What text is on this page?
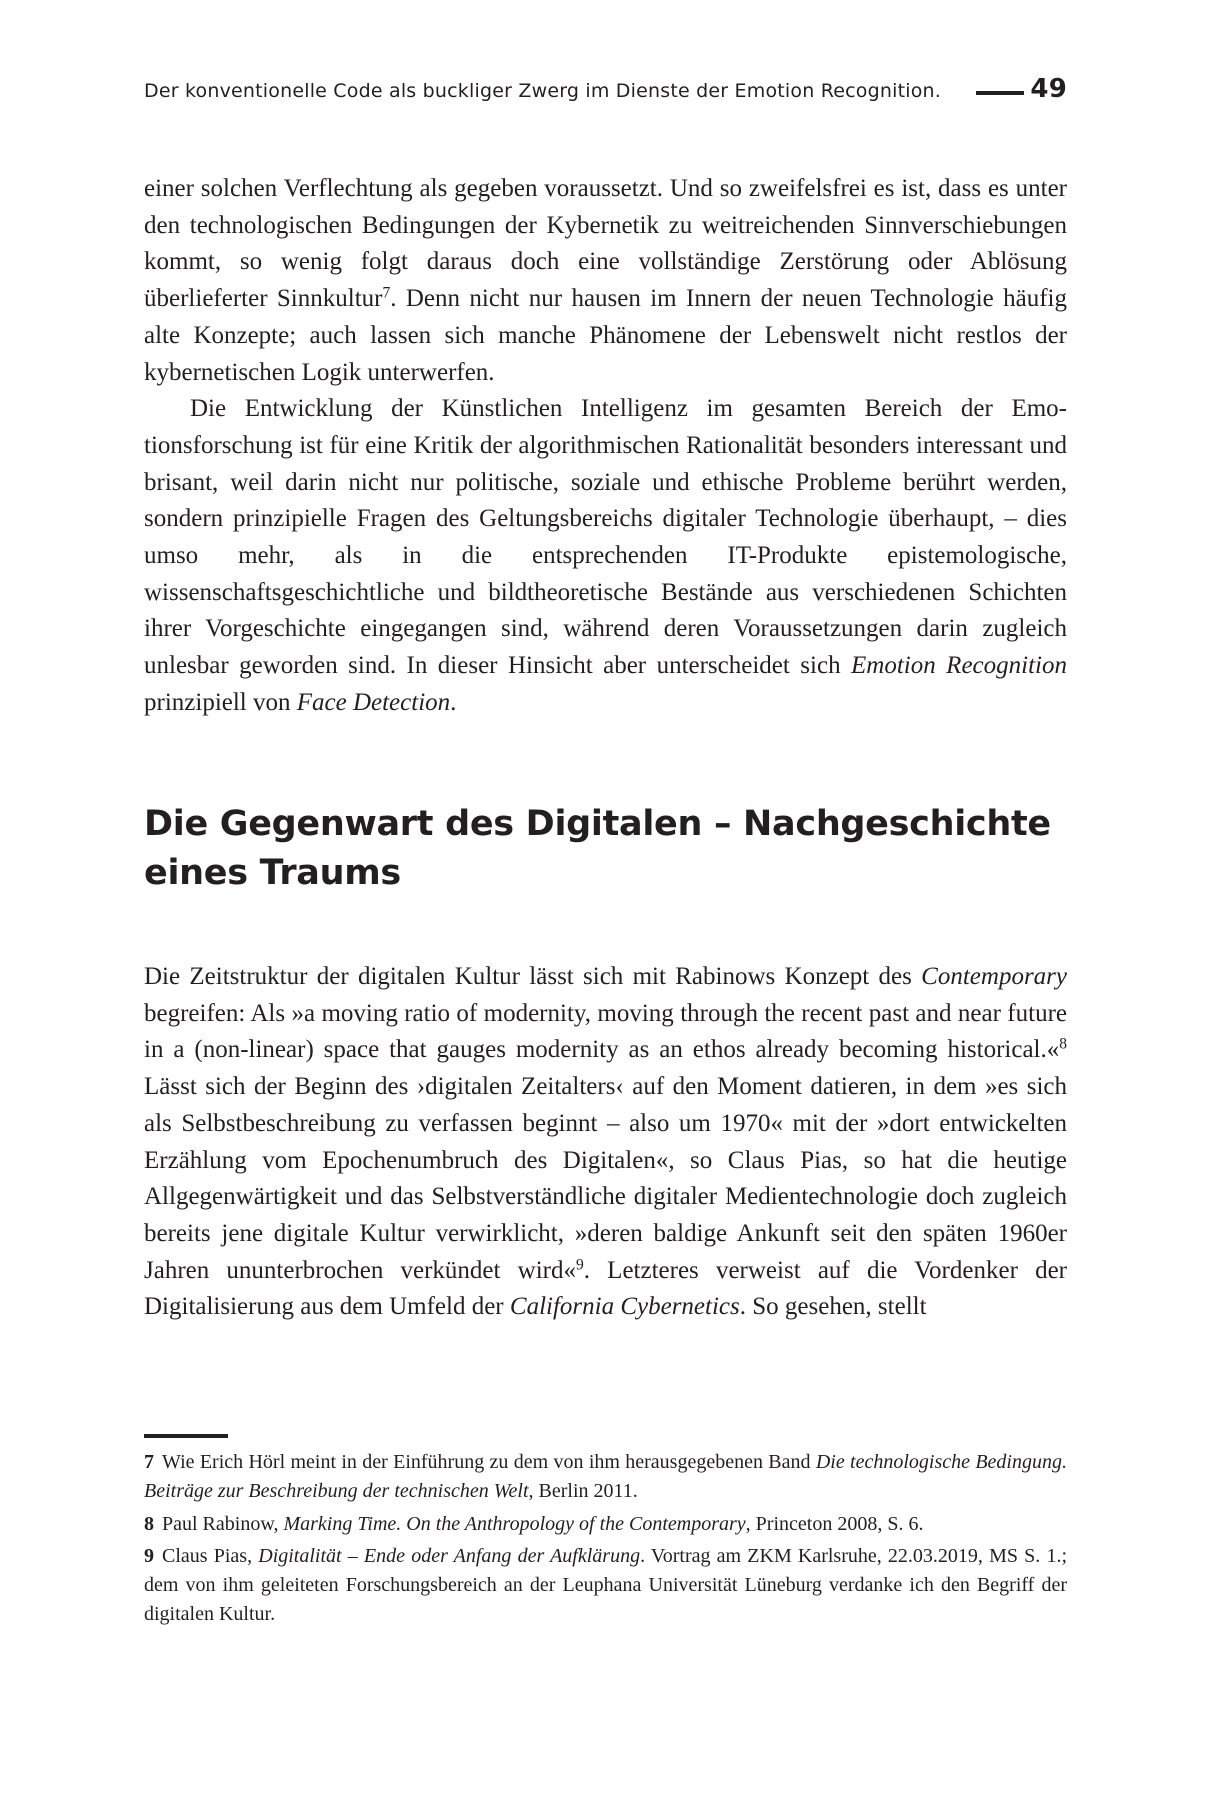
Der konventionelle Code als buckliger Zwerg im Dienste der Emotion Recognition.	49

einer solchen Verflechtung als gegeben voraussetzt. Und so zweifelsfrei es ist, dass es unter den technologischen Bedingungen der Kybernetik zu weitreichenden Sinnverschiebungen kommt, so wenig folgt daraus doch eine vollständige Zerstörung oder Ablösung überlieferter Sinnkultur$^7$. Denn nicht nur hausen im Innern der neuen Technologie häufig alte Konzepte; auch lassen sich manche Phänomene der Lebenswelt nicht restlos der kybernetischen Logik unterwerfen.

Die Entwicklung der Künstlichen Intelligenz im gesamten Bereich der Emotionsforschung ist für eine Kritik der algorithmischen Rationalität besonders interessant und brisant, weil darin nicht nur politische, soziale und ethische Probleme berührt werden, sondern prinzipielle Fragen des Geltungsbereichs digitaler Technologie überhaupt, – dies umso mehr, als in die entsprechenden IT-Produkte epistemologische, wissenschaftsgeschichtliche und bildtheoretische Bestände aus verschiedenen Schichten ihrer Vorgeschichte eingegangen sind, während deren Voraussetzungen darin zugleich unlesbar geworden sind. In dieser Hinsicht aber unterscheidet sich Emotion Recognition prinzipiell von Face Detection.

Die Gegenwart des Digitalen – Nachgeschichte
eines Traums

Die Zeitstruktur der digitalen Kultur lässt sich mit Rabinows Konzept des Contemporary begreifen: Als »a moving ratio of modernity, moving through the recent past and near future in a (non-linear) space that gauges modernity as an ethos already becoming historical.«$^8$ Lässt sich der Beginn des ›digitalen Zeitalters‹ auf den Moment datieren, in dem »es sich als Selbstbeschreibung zu verfassen beginnt – also um 1970« mit der »dort entwickelten Erzählung vom Epochenumbruch des Digitalen«, so Claus Pias, so hat die heutige Allgegenwärtigkeit und das Selbstverständliche digitaler Medientechnologie doch zugleich bereits jene digitale Kultur verwirklicht, »deren baldige Ankunft seit den späten 1960er Jahren ununterbrochen verkündet wird«$^9$. Letzteres verweist auf die Vordenker der Digitalisierung aus dem Umfeld der California Cybernetics. So gesehen, stellt

7 Wie Erich Hörl meint in der Einführung zu dem von ihm herausgegebenen Band Die technologische Bedingung. Beiträge zur Beschreibung der technischen Welt, Berlin 2011.

8 Paul Rabinow, Marking Time. On the Anthropology of the Contemporary, Princeton 2008, S. 6.

9 Claus Pias, Digitalität – Ende oder Anfang der Aufklärung. Vortrag am ZKM Karlsruhe, 22.03.2019, MS S. 1.; dem von ihm geleiteten Forschungsbereich an der Leuphana Universität Lüneburg verdanke ich den Begriff der digitalen Kultur.
